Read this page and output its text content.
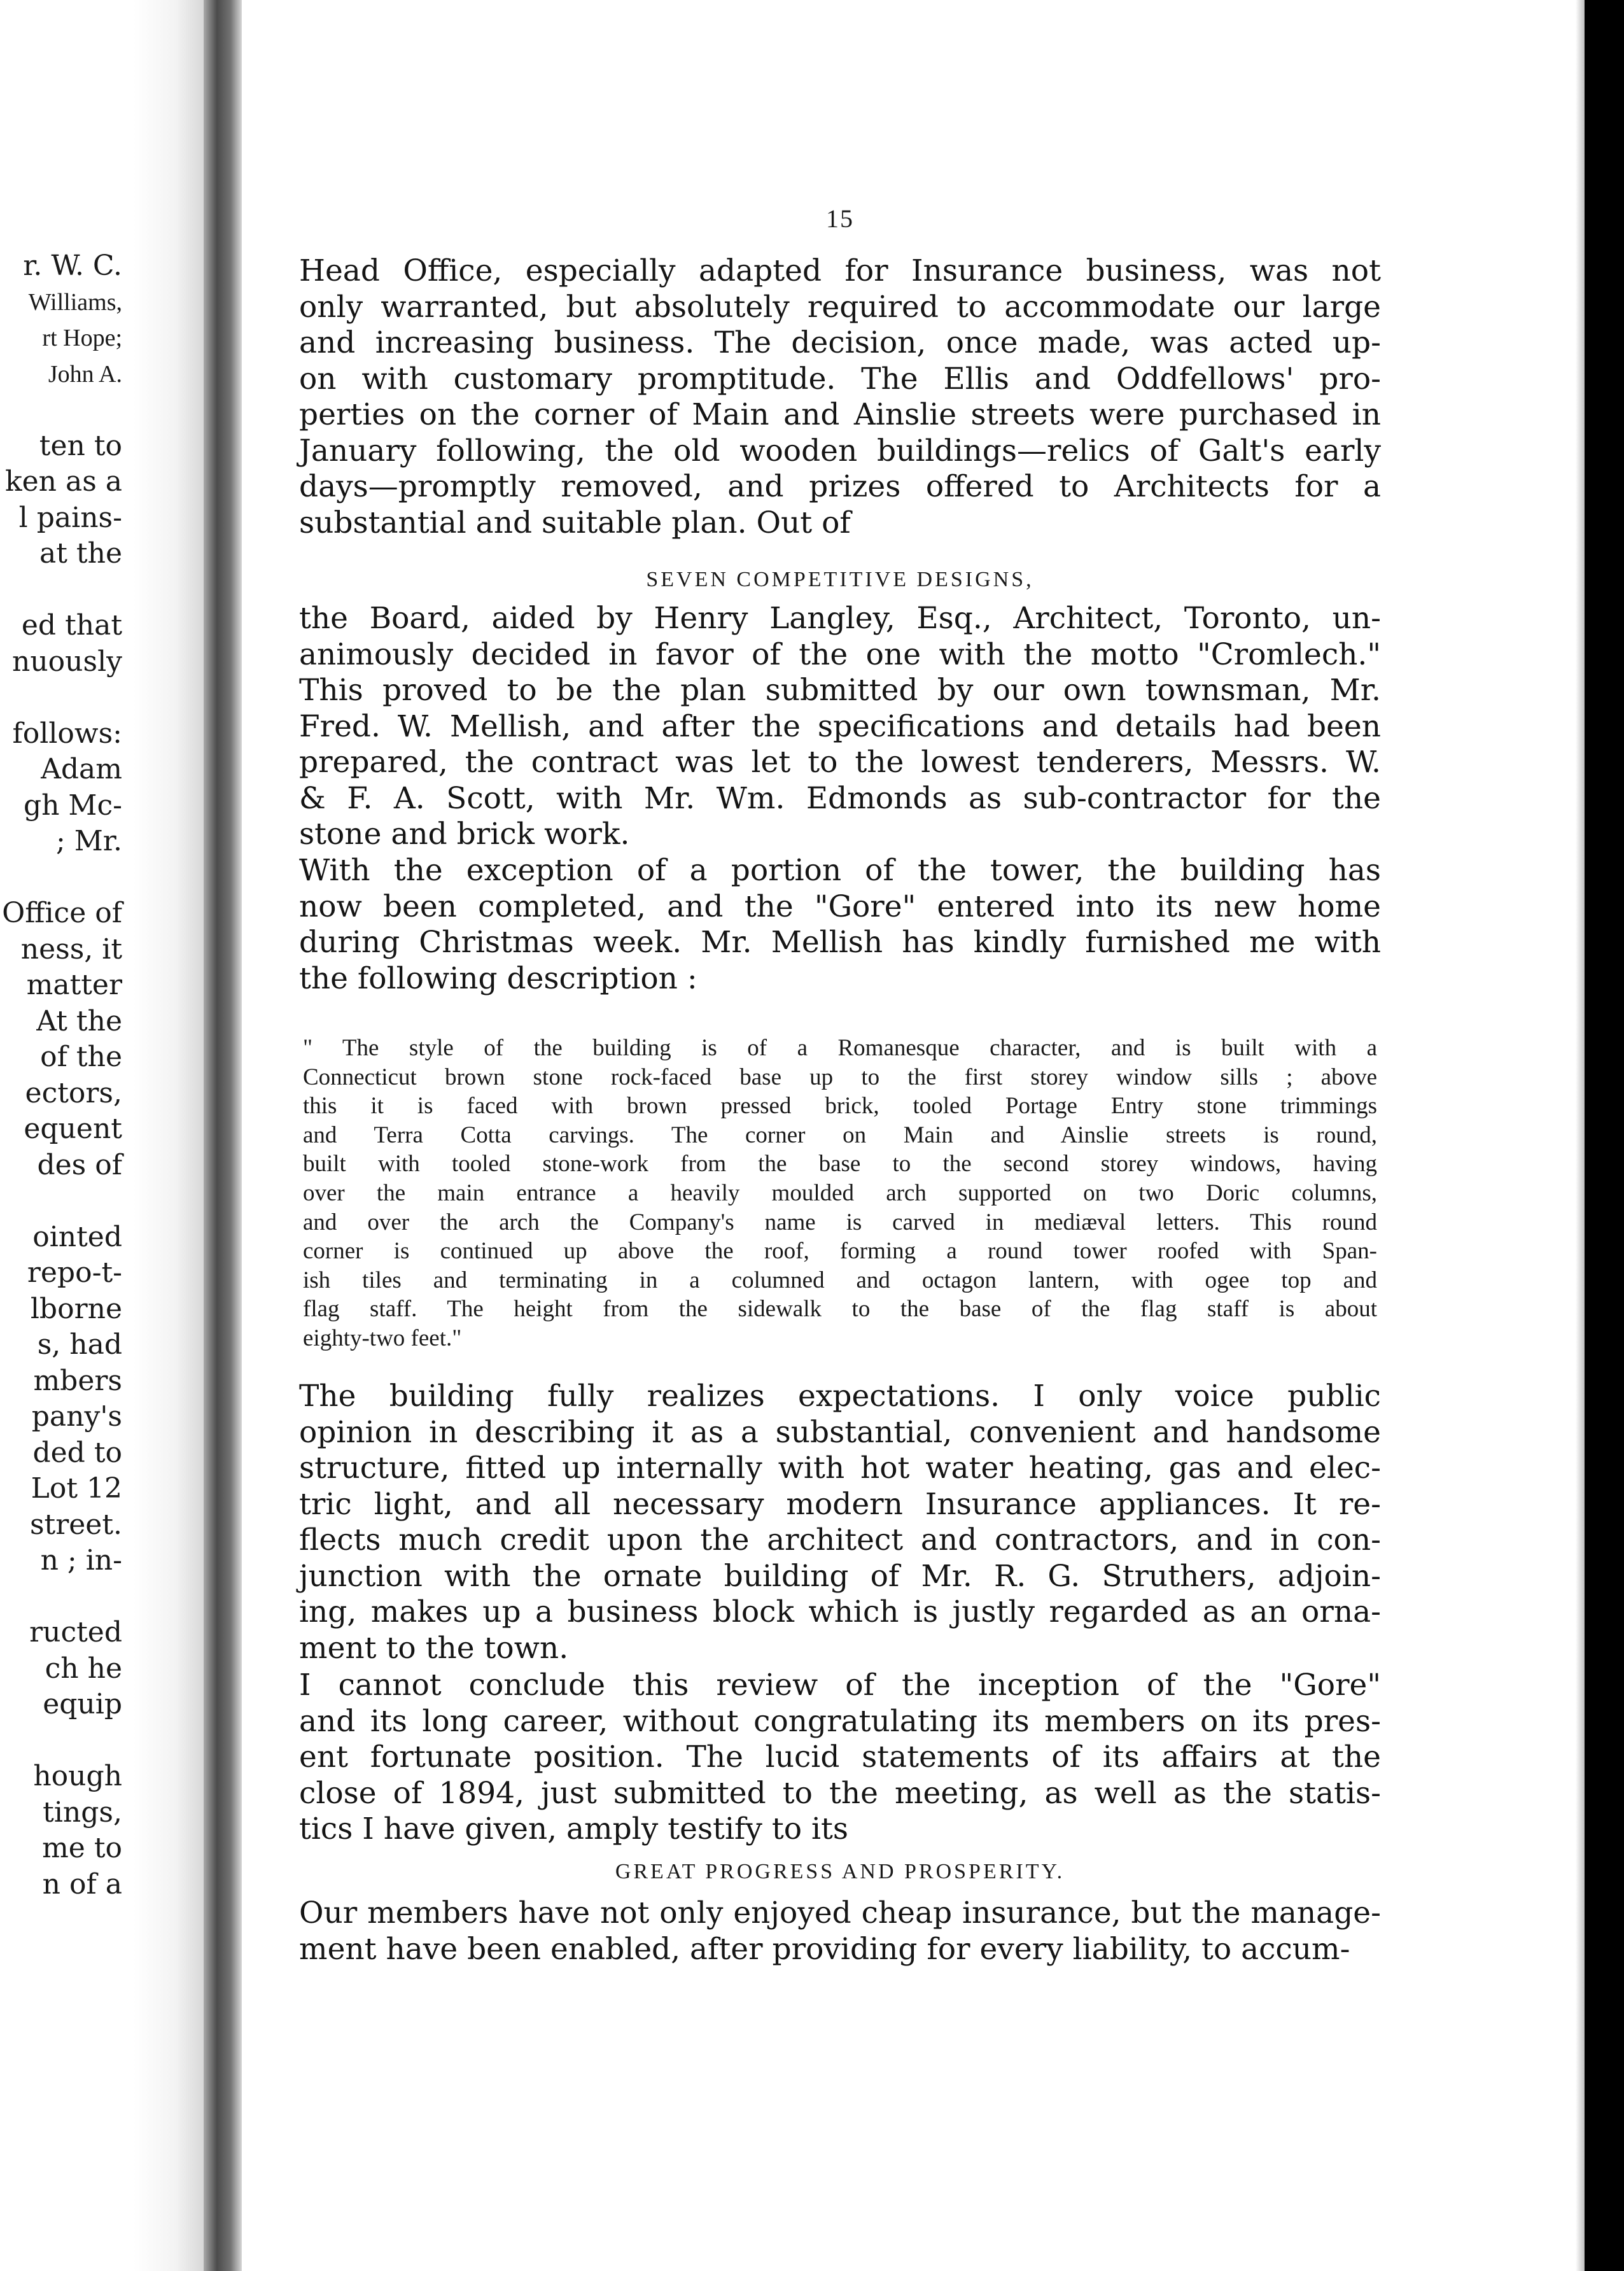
r. W. C.
Williams,
rt Hope;
John A.
ten to
ken as a
l pains-
at the
ed that
nuously
follows:
Adam
gh Mc-
; Mr.
Office of
ness, it
matter
At the
of the
ectors,
equent
des of
ointed
repo-t-
lborne
s, had
mbers
pany's
ded to
Lot 12
street.
n ; in-
ructed
ch he
equip
hough
tings,
me to
n of a
15
Head Office, especially adapted for Insurance business, was not
only warranted, but absolutely required to accommodate our large
and increasing business. The decision, once made, was acted up-
on with customary promptitude. The Ellis and Oddfellows' pro-
perties on the corner of Main and Ainslie streets were purchased in
January following, the old wooden buildings—relics of Galt's early
days—promptly removed, and prizes offered to Architects for a
substantial and suitable plan. Out of
SEVEN COMPETITIVE DESIGNS,
the Board, aided by Henry Langley, Esq., Architect, Toronto, un-
animously decided in favor of the one with the motto "Cromlech."
This proved to be the plan submitted by our own townsman, Mr.
Fred. W. Mellish, and after the specifications and details had been
prepared, the contract was let to the lowest tenderers, Messrs. W.
& F. A. Scott, with Mr. Wm. Edmonds as sub-contractor for the
stone and brick work.
With the exception of a portion of the tower, the building has
now been completed, and the "Gore" entered into its new home
during Christmas week. Mr. Mellish has kindly furnished me with
the following description :
" The style of the building is of a Romanesque character, and is built with a
Connecticut brown stone rock-faced base up to the first storey window sills ; above
this it is faced with brown pressed brick, tooled Portage Entry stone trimmings
and Terra Cotta carvings. The corner on Main and Ainslie streets is round,
built with tooled stone-work from the base to the second storey windows, having
over the main entrance a heavily moulded arch supported on two Doric columns,
and over the arch the Company's name is carved in mediæval letters. This round
corner is continued up above the roof, forming a round tower roofed with Span-
ish tiles and terminating in a columned and octagon lantern, with ogee top and
flag staff. The height from the sidewalk to the base of the flag staff is about
eighty-two feet."
The building fully realizes expectations. I only voice public
opinion in describing it as a substantial, convenient and handsome
structure, fitted up internally with hot water heating, gas and elec-
tric light, and all necessary modern Insurance appliances. It re-
flects much credit upon the architect and contractors, and in con-
junction with the ornate building of Mr. R. G. Struthers, adjoin-
ing, makes up a business block which is justly regarded as an orna-
ment to the town.
I cannot conclude this review of the inception of the "Gore"
and its long career, without congratulating its members on its pres-
ent fortunate position. The lucid statements of its affairs at the
close of 1894, just submitted to the meeting, as well as the statis-
tics I have given, amply testify to its
GREAT PROGRESS AND PROSPERITY.
Our members have not only enjoyed cheap insurance, but the manage-
ment have been enabled, after providing for every liability, to accum-
